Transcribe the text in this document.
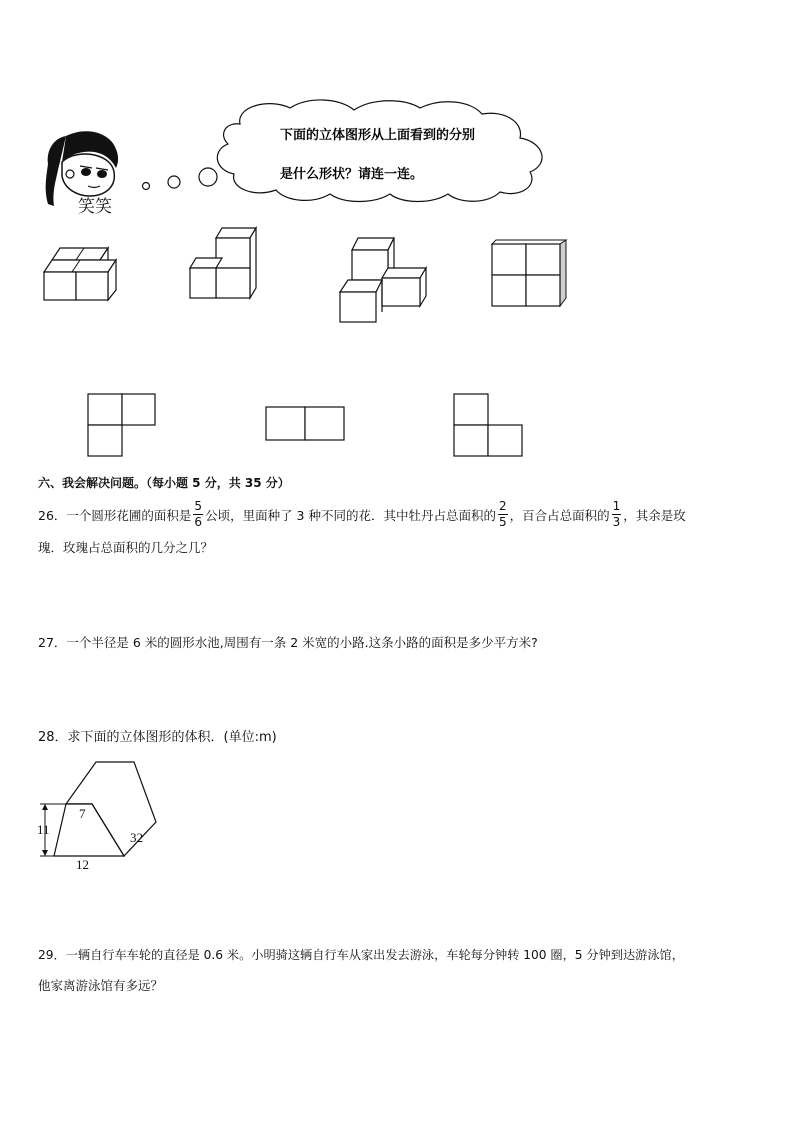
笑笑
下面的立体图形从上面看到的分别
是什么形状？请连一连。
六、我会解决问题。（每小题 5 分，共 35 分）
26．一个圆形花圃的面积是 $\frac{5}{6}$ 公顷，里面种了 3 种不同的花．其中牡丹占总面积的 $\frac{2}{5}$ ，百合占总面积的 $\frac{1}{3}$ ，其余是玫
瑰．玫瑰占总面积的几分之几？
27．一个半径是 6 米的圆形水池,周围有一条 2 米宽的小路.这条小路的面积是多少平方米?
28．求下面的立体图形的体积．(单位:m)
7
11
32
12
29．一辆自行车车轮的直径是 0.6 米。小明骑这辆自行车从家出发去游泳，车轮每分钟转 100 圈，5 分钟到达游泳馆，
他家离游泳馆有多远？
